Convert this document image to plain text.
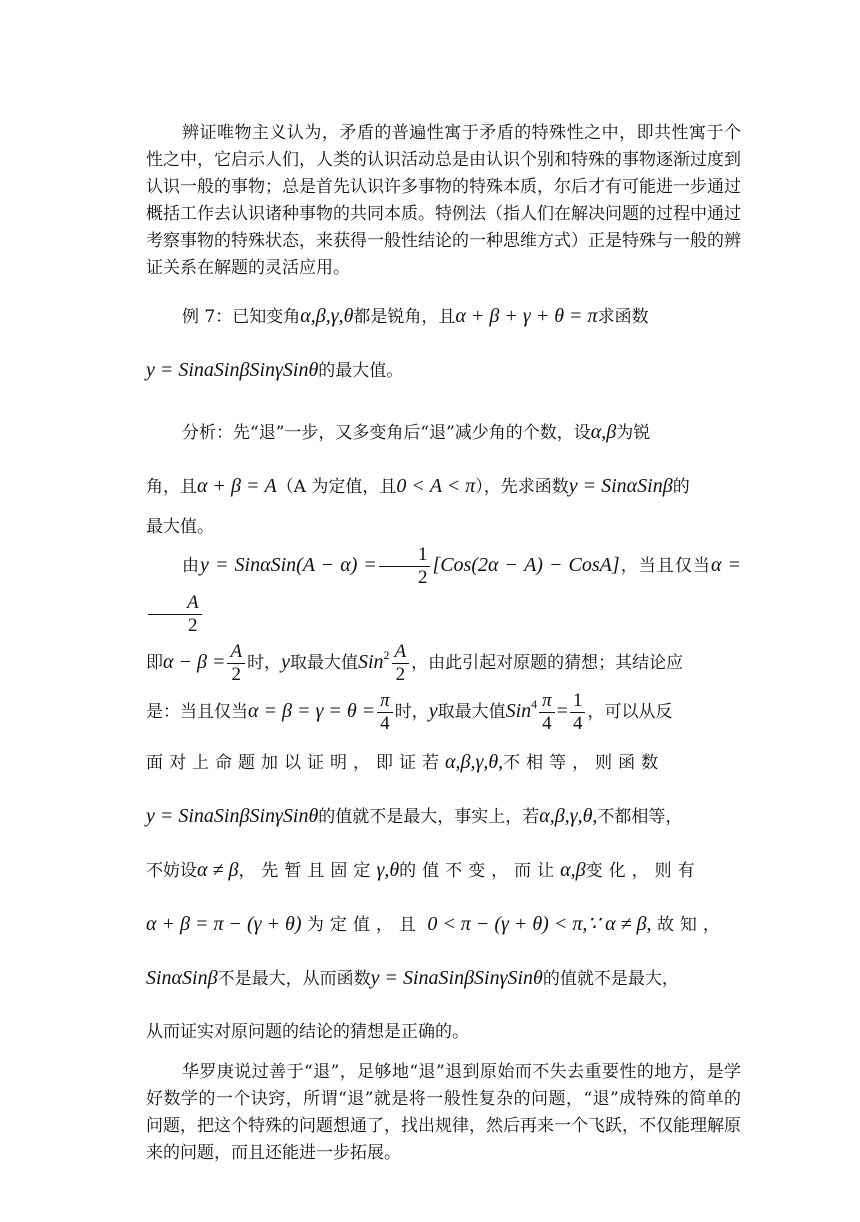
辨证唯物主义认为，矛盾的普遍性寓于矛盾的特殊性之中，即共性寓于个性之中，它启示人们，人类的认识活动总是由认识个别和特殊的事物逐渐过度到认识一般的事物；总是首先认识许多事物的特殊本质，尔后才有可能进一步通过概括工作去认识诸种事物的共同本质。特例法（指人们在解决问题的过程中通过考察事物的特殊状态，来获得一般性结论的一种思维方式）正是特殊与一般的辨证关系在解题的灵活应用。

例 7：已知变角α,β,γ,θ都是锐角，且α + β + γ + θ = π求函数

y = SinaSinβSinγSinθ的最大值。

分析：先“退”一步，又多变角后“退”减少角的个数，设α,β为锐

角，且α + β = A（A 为定值，且0 < A < π），先求函数y = SinαSinβ的

最大值。

由$y = Sin\alpha Sin(A - \alpha) = \frac{1}{2} [Cos(2\alpha - A)$ − CosA]，当且仅当α =
$\frac{A}{2}$

即$\alpha - \beta = \frac{A}{2}$ 时，y取最大值$Sin^2 \frac{A}{2}$ ，由此引起对原题的猜想；其结论应

是：当且仅当$\alpha = \beta = \gamma = \theta = \frac{\pi}{4}$ 时，y取最大值$Sin^4 \frac{\pi}{4} = \frac{1}{4}$ ，可以从反

面对上命题加以证明，即证若α,β,γ,θ,不相等，则函数

y = SinaSinβSinγSinθ的值就不是最大，事实上，若α,β,γ,θ,不都相等，

不妨设α ≠ β，先暂且固定γ,θ的值不变，而让α,β变化，则有

α + β = π − (γ + θ) 为定值，且 0 < π − (γ + θ) < π,∵ α ≠ β, 故知，

SinαSinβ不是最大，从而函数y = SinaSinβSinγSinθ的值就不是最大，

从而证实对原问题的结论的猜想是正确的。

华罗庚说过善于“退”，足够地“退”退到原始而不失去重要性的地方，是学好数学的一个诀窍，所谓“退”就是将一般性复杂的问题，“退”成特殊的简单的问题，把这个特殊的问题想通了，找出规律，然后再来一个飞跃，不仅能理解原来的问题，而且还能进一步拓展。
